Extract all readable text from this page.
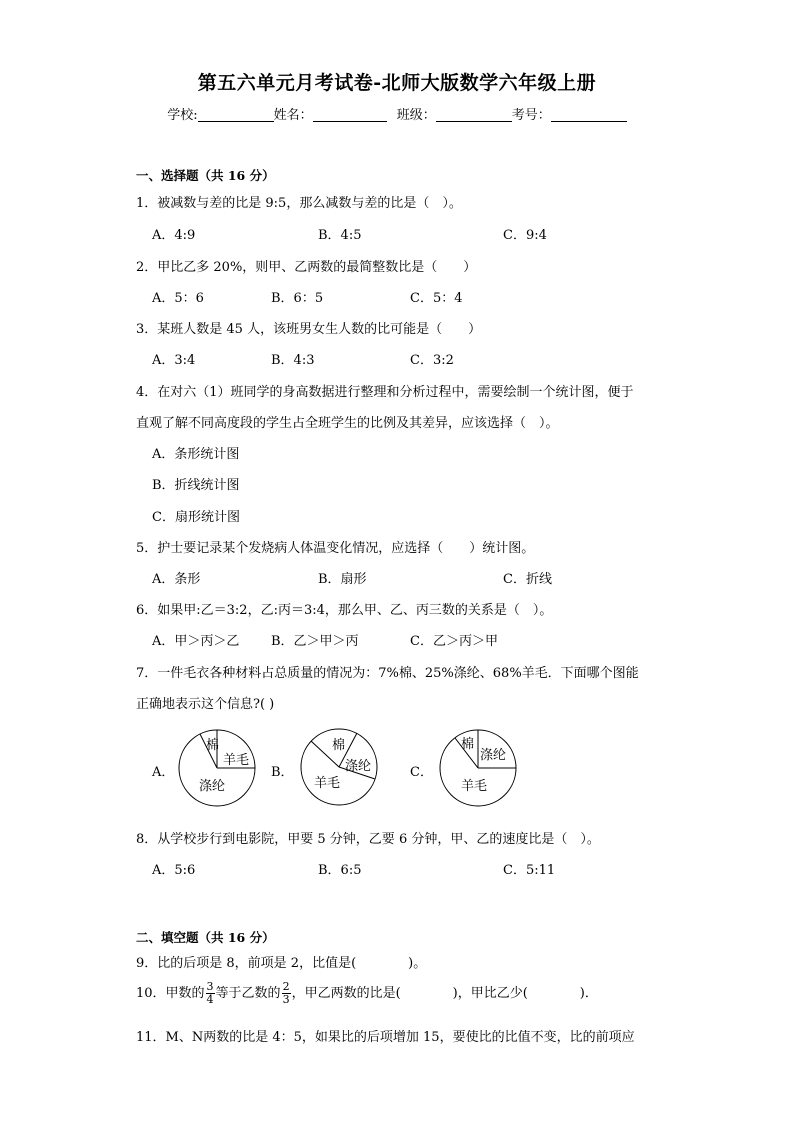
第五六单元月考试卷-北师大版数学六年级上册
学校:	姓名：	班级：	考号：
一、选择题（共 16 分）
1．被减数与差的比是 9:5，那么减数与差的比是（　）。
A．4:9	B．4:5	C．9:4
2．甲比乙多 20%，则甲、乙两数的最简整数比是（　　）
A．5：6	B．6：5	C．5：4
3．某班人数是 45 人，该班男女生人数的比可能是（　　）
A．3:4	B．4:3	C．3:2
4．在对六（1）班同学的身高数据进行整理和分析过程中，需要绘制一个统计图，便于
直观了解不同高度段的学生占全班学生的比例及其差异，应该选择（　）。
A．条形统计图
B．折线统计图
C．扇形统计图
5．护士要记录某个发烧病人体温变化情况，应选择（　　）统计图。
A．条形	B．扇形	C．折线
6．如果甲:乙＝3:2，乙:丙＝3:4，那么甲、乙、丙三数的关系是（　）。
A．甲＞丙＞乙 B．乙＞甲＞丙	C．乙＞丙＞甲
7．一件毛衣各种材料占总质量的情况为：7%棉、25%涤纶、68%羊毛．下面哪个图能
正确地表示这个信息?( )
A．
棉
羊毛
涤纶
B．
棉
涤纶
羊毛
C．
棉
涤纶
羊毛
8．从学校步行到电影院，甲要 5 分钟，乙要 6 分钟，甲、乙的速度比是（　）。
A．5:6	B．6:5	C．5:11
二、填空题（共 16 分）
9．比的后项是 8，前项是 2，比值是(　　　　)。
10．甲数的 $\frac{3}{4}$ 等于乙数的 $\frac{2}{3}$ ，甲乙两数的比是(　　　　)，甲比乙少(　　　　)．
11．M、N两数的比是 4：5，如果比的后项增加 15，要使比的比值不变，比的前项应
